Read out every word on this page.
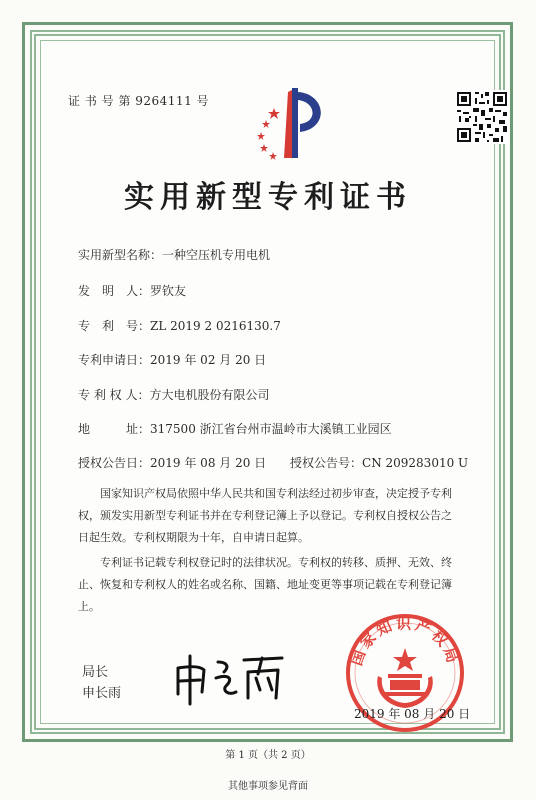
证 书 号 第 9264111 号
实用新型专利证书
实用新型名称：一种空压机专用电机
发　明　人：罗钦友
专　利　号：ZL 2019 2 0216130.7
专利申请日：2019 年 02 月 20 日
专 利 权 人：方大电机股份有限公司
地　　　址：317500 浙江省台州市温岭市大溪镇工业园区
授权公告日：2019 年 08 月 20 日 授权公告号：CN 209283010 U

国家知识产权局依照中华人民共和国专利法经过初步审查，决定授予专利权，颁发实用新型专利证书并在专利登记簿上予以登记。专利权自授权公告之日起生效。专利权期限为十年，自申请日起算。

专利证书记载专利权登记时的法律状况。专利权的转移、质押、无效、终止、恢复和专利权人的姓名或名称、国籍、地址变更等事项记载在专利登记簿上。

局长
申长雨
国家知识产权局
2019 年 08 月 20 日
第 1 页（共 2 页）
其他事项参见背面
